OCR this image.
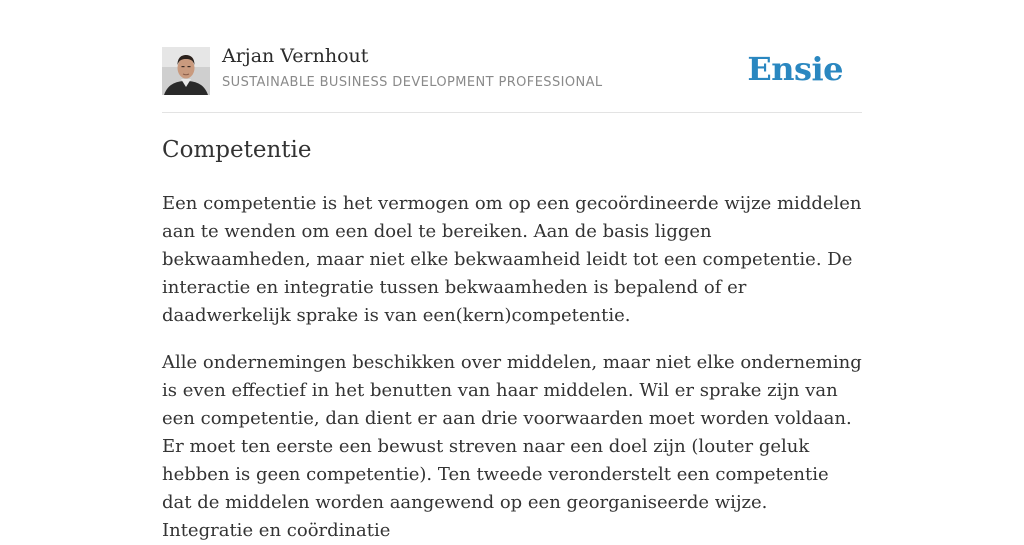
Arjan Vernhout
SUSTAINABLE BUSINESS DEVELOPMENT PROFESSIONAL	Ensie
Competentie

Een competentie is het vermogen om op een gecoördineerde wijze middelen aan te wenden om een doel te bereiken. Aan de basis liggen bekwaamheden, maar niet elke bekwaamheid leidt tot een competentie. De interactie en integratie tussen bekwaamheden is bepalend of er daadwerkelijk sprake is van een(kern)competentie.

Alle ondernemingen beschikken over middelen, maar niet elke onderneming is even effectief in het benutten van haar middelen. Wil er sprake zijn van een competentie, dan dient er aan drie voorwaarden moet worden voldaan. Er moet ten eerste een bewust streven naar een doel zijn (louter geluk hebben is geen competentie). Ten tweede veronderstelt een competentie dat de middelen worden aangewend op een georganiseerde wijze. Integratie en coördinatie
